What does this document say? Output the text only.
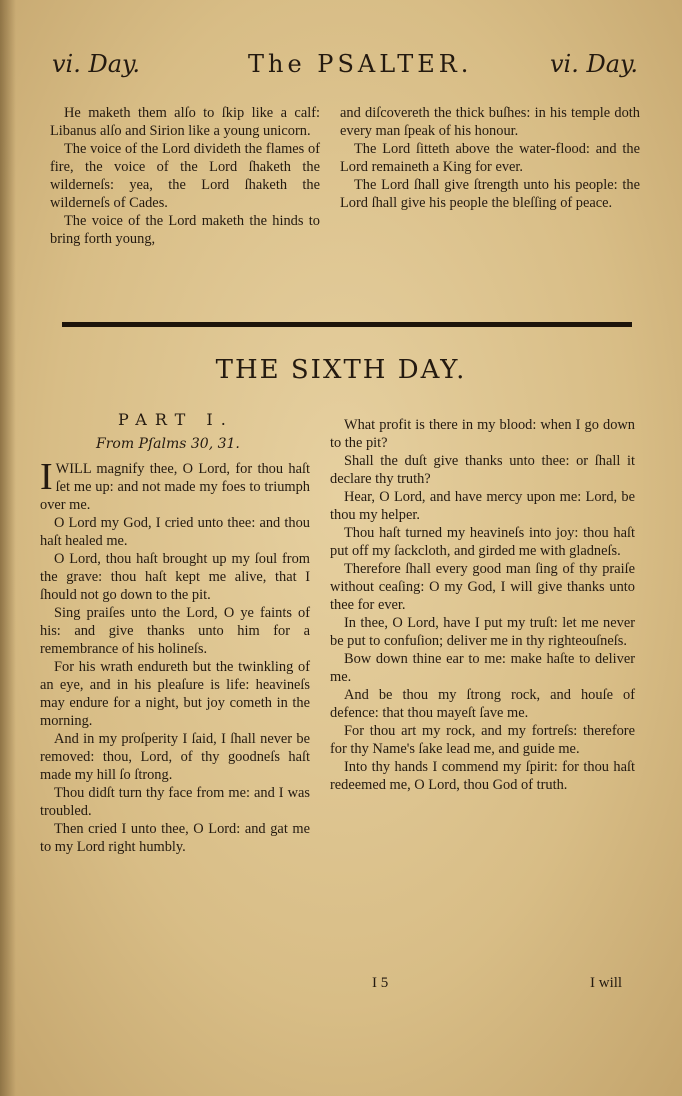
vi. Day.	The PSALTER.	vi. Day.

He maketh them alſo to ſkip like a calf: Libanus alſo and Sirion like a young unicorn.

The voice of the Lord divideth the flames of fire, the voice of the Lord ſhaketh the wilderneſs: yea, the Lord ſhaketh the wilderneſs of Cades.

The voice of the Lord maketh the hinds to bring forth young,

and diſcovereth the thick buſhes: in his temple doth every man ſpeak of his honour.

The Lord ſitteth above the water-flood: and the Lord remaineth a King for ever.

The Lord ſhall give ſtrength unto his people: the Lord ſhall give his people the bleſſing of peace.

THE SIXTH DAY.
PART I.
From Pſalms 30, 31.

IWILL magnify thee, O Lord, for thou haſt ſet me up: and not made my foes to triumph over me.

O Lord my God, I cried unto thee: and thou haſt healed me.

O Lord, thou haſt brought up my ſoul from the grave: thou haſt kept me alive, that I ſhould not go down to the pit.

Sing praiſes unto the Lord, O ye faints of his: and give thanks unto him for a remembrance of his holineſs.

For his wrath endureth but the twinkling of an eye, and in his pleaſure is life: heavineſs may endure for a night, but joy cometh in the morning.

And in my proſperity I ſaid, I ſhall never be removed: thou, Lord, of thy goodneſs haſt made my hill ſo ſtrong.

Thou didſt turn thy face from me: and I was troubled.

Then cried I unto thee, O Lord: and gat me to my Lord right humbly.

What profit is there in my blood: when I go down to the pit?

Shall the duſt give thanks unto thee: or ſhall it declare thy truth?

Hear, O Lord, and have mercy upon me: Lord, be thou my helper.

Thou haſt turned my heavineſs into joy: thou haſt put off my ſackcloth, and girded me with gladneſs.

Therefore ſhall every good man ſing of thy praiſe without ceaſing: O my God, I will give thanks unto thee for ever.

In thee, O Lord, have I put my truſt: let me never be put to confuſion; deliver me in thy righteouſneſs.

Bow down thine ear to me: make haſte to deliver me.

And be thou my ſtrong rock, and houſe of defence: that thou mayeſt ſave me.

For thou art my rock, and my fortreſs: therefore for thy Name's ſake lead me, and guide me.

Into thy hands I commend my ſpirit: for thou haſt redeemed me, O Lord, thou God of truth.

I 5	I will
